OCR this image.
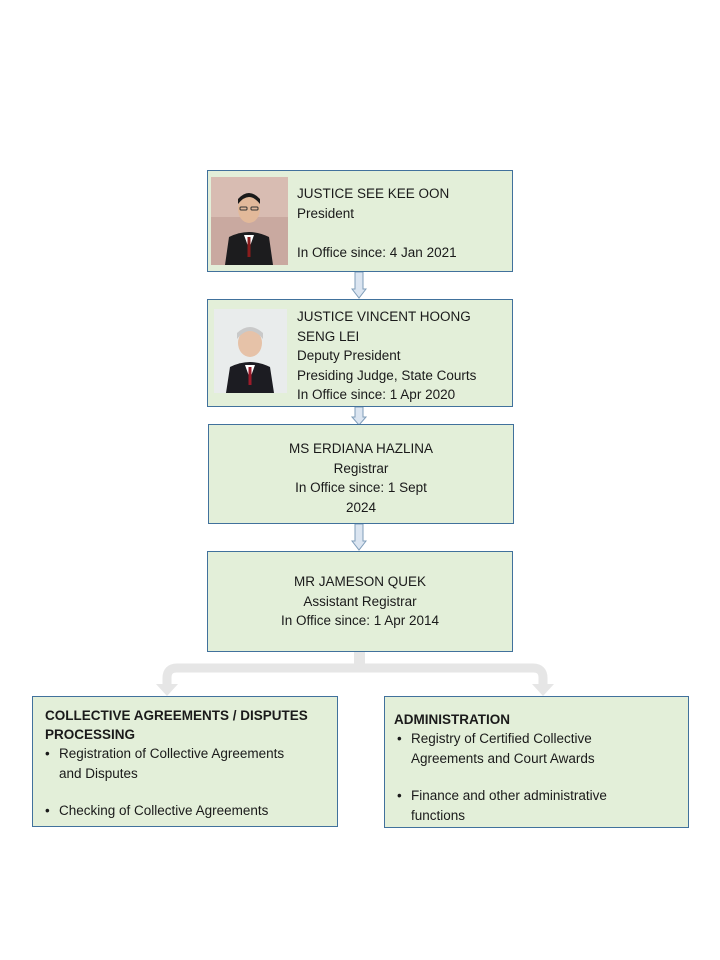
JUSTICE SEE KEE OON
President
In Office since: 4 Jan 2021
JUSTICE VINCENT HOONG
SENG LEI
Deputy President
Presiding Judge, State Courts
In Office since: 1 Apr 2020
MS ERDIANA HAZLINA
Registrar
In Office since: 1 Sept
2024
MR JAMESON QUEK
Assistant Registrar
In Office since: 1 Apr 2014
COLLECTIVE AGREEMENTS / DISPUTES
PROCESSING
• Registration of Collective Agreements
and Disputes
• Checking of Collective Agreements
ADMINISTRATION
• Registry of Certified Collective
Agreements and Court Awards
• Finance and other administrative
functions
